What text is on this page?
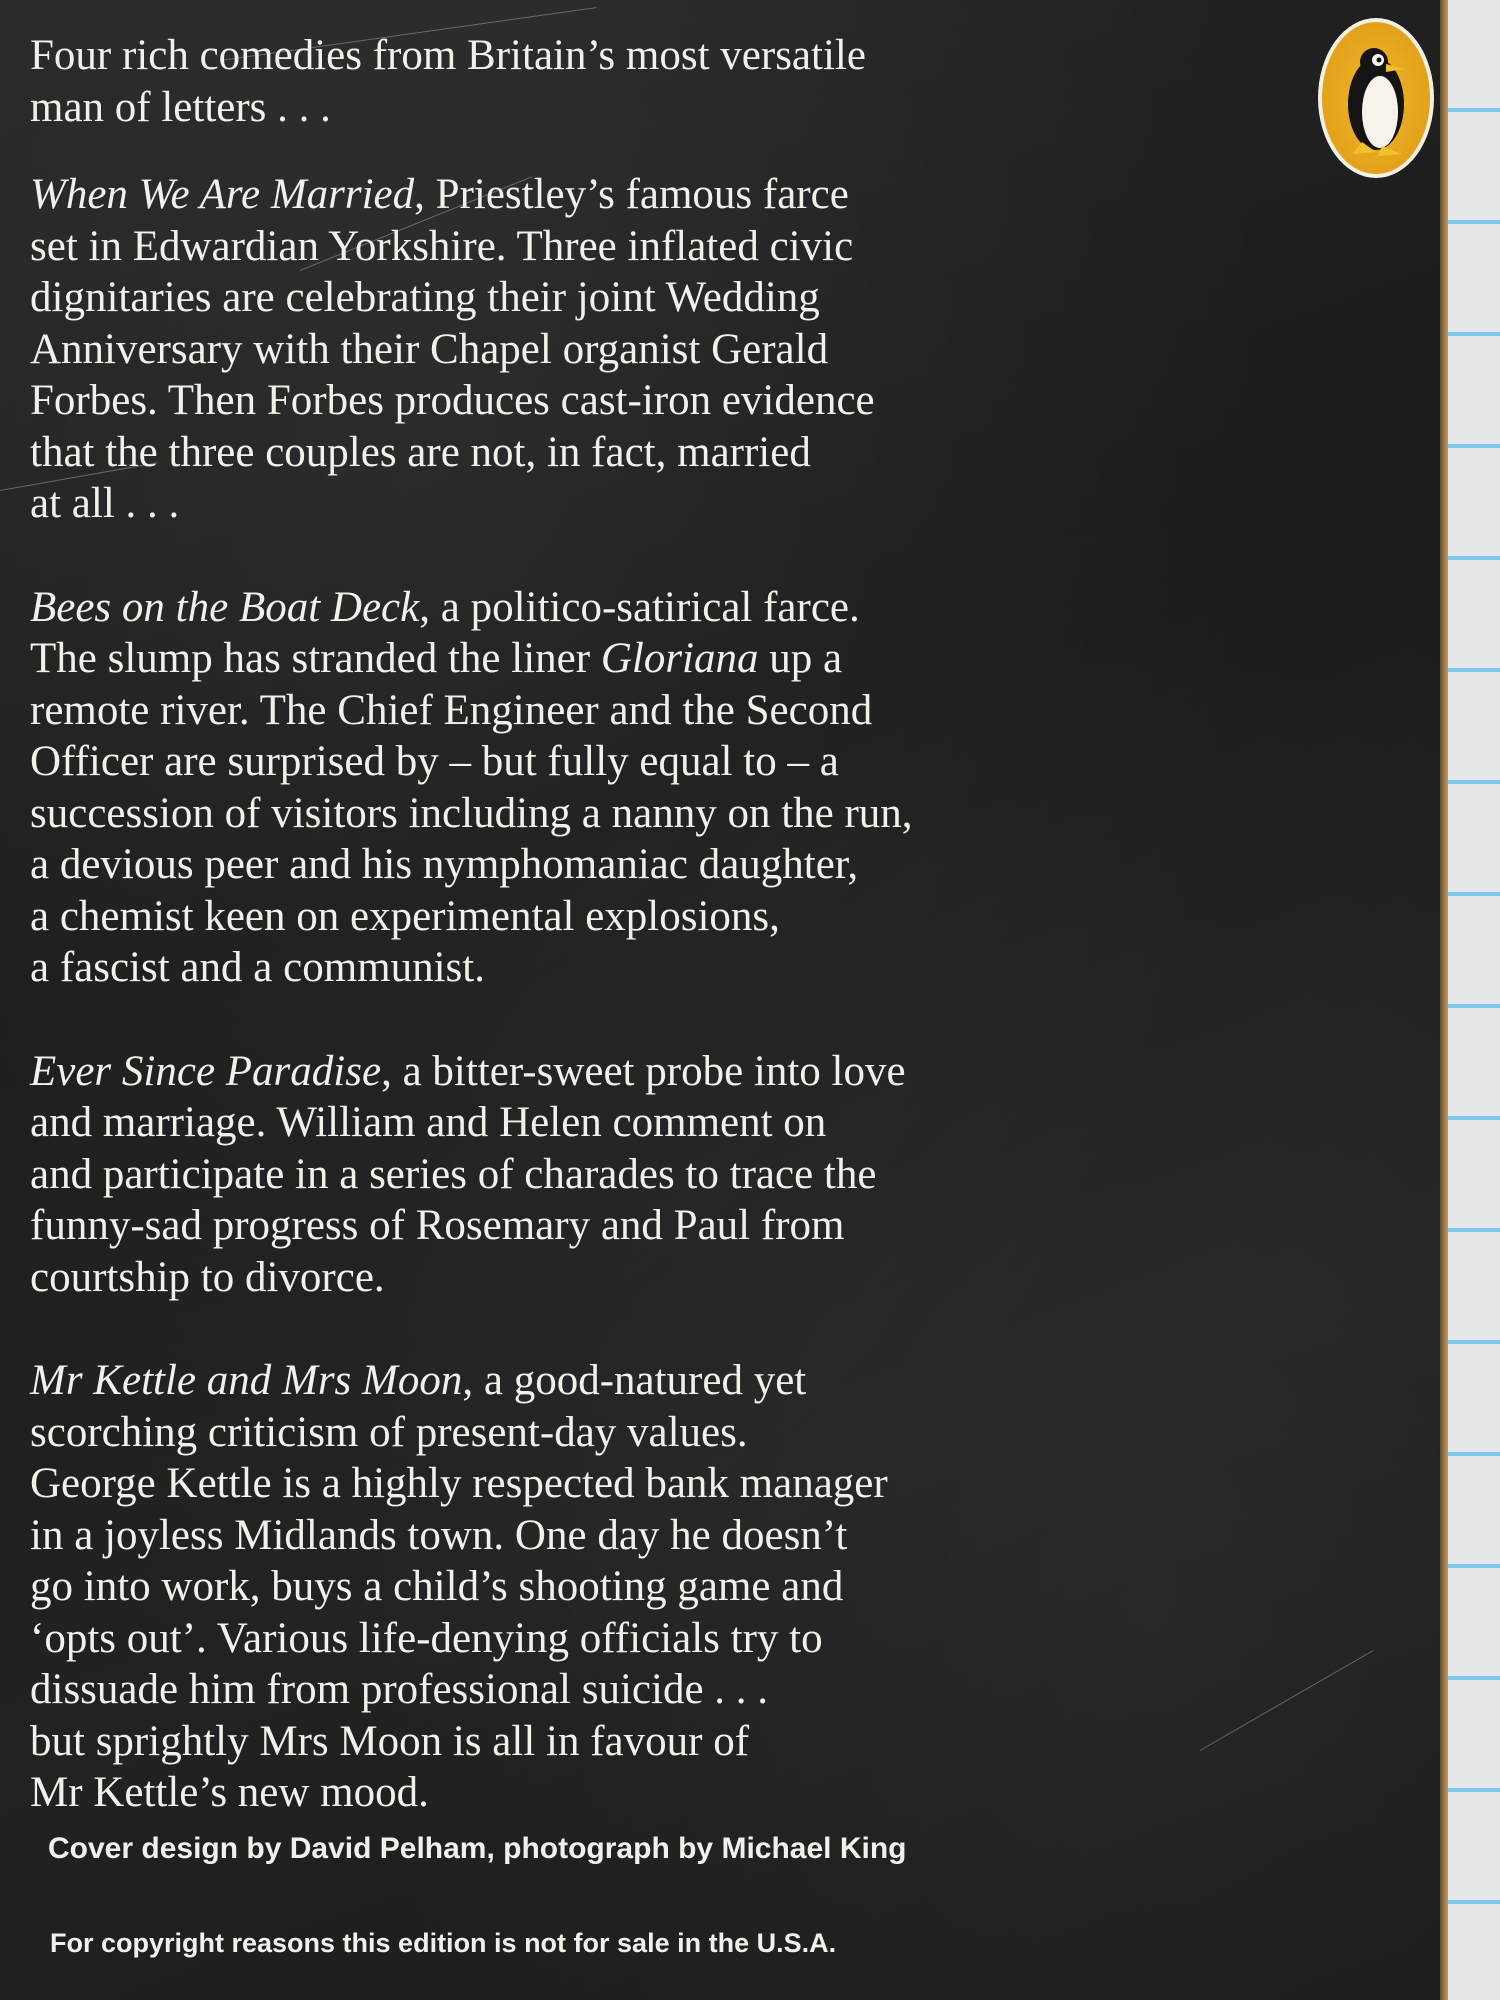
Four rich comedies from Britain’s most versatile
man of letters . . .

When We Are Married, Priestley’s famous farce
set in Edwardian Yorkshire. Three inflated civic
dignitaries are celebrating their joint Wedding
Anniversary with their Chapel organist Gerald
Forbes. Then Forbes produces cast-iron evidence
that the three couples are not, in fact, married
at all . . .

Bees on the Boat Deck, a politico-satirical farce.
The slump has stranded the liner Gloriana up a
remote river. The Chief Engineer and the Second
Officer are surprised by – but fully equal to – a
succession of visitors including a nanny on the run,
a devious peer and his nymphomaniac daughter,
a chemist keen on experimental explosions,
a fascist and a communist.

Ever Since Paradise, a bitter-sweet probe into love
and marriage. William and Helen comment on
and participate in a series of charades to trace the
funny-sad progress of Rosemary and Paul from
courtship to divorce.

Mr Kettle and Mrs Moon, a good-natured yet
scorching criticism of present-day values.
George Kettle is a highly respected bank manager
in a joyless Midlands town. One day he doesn’t
go into work, buys a child’s shooting game and
‘opts out’. Various life-denying officials try to
dissuade him from professional suicide . . .
but sprightly Mrs Moon is all in favour of
Mr Kettle’s new mood.

Cover design by David Pelham, photograph by Michael King
For copyright reasons this edition is not for sale in the U.S.A.
